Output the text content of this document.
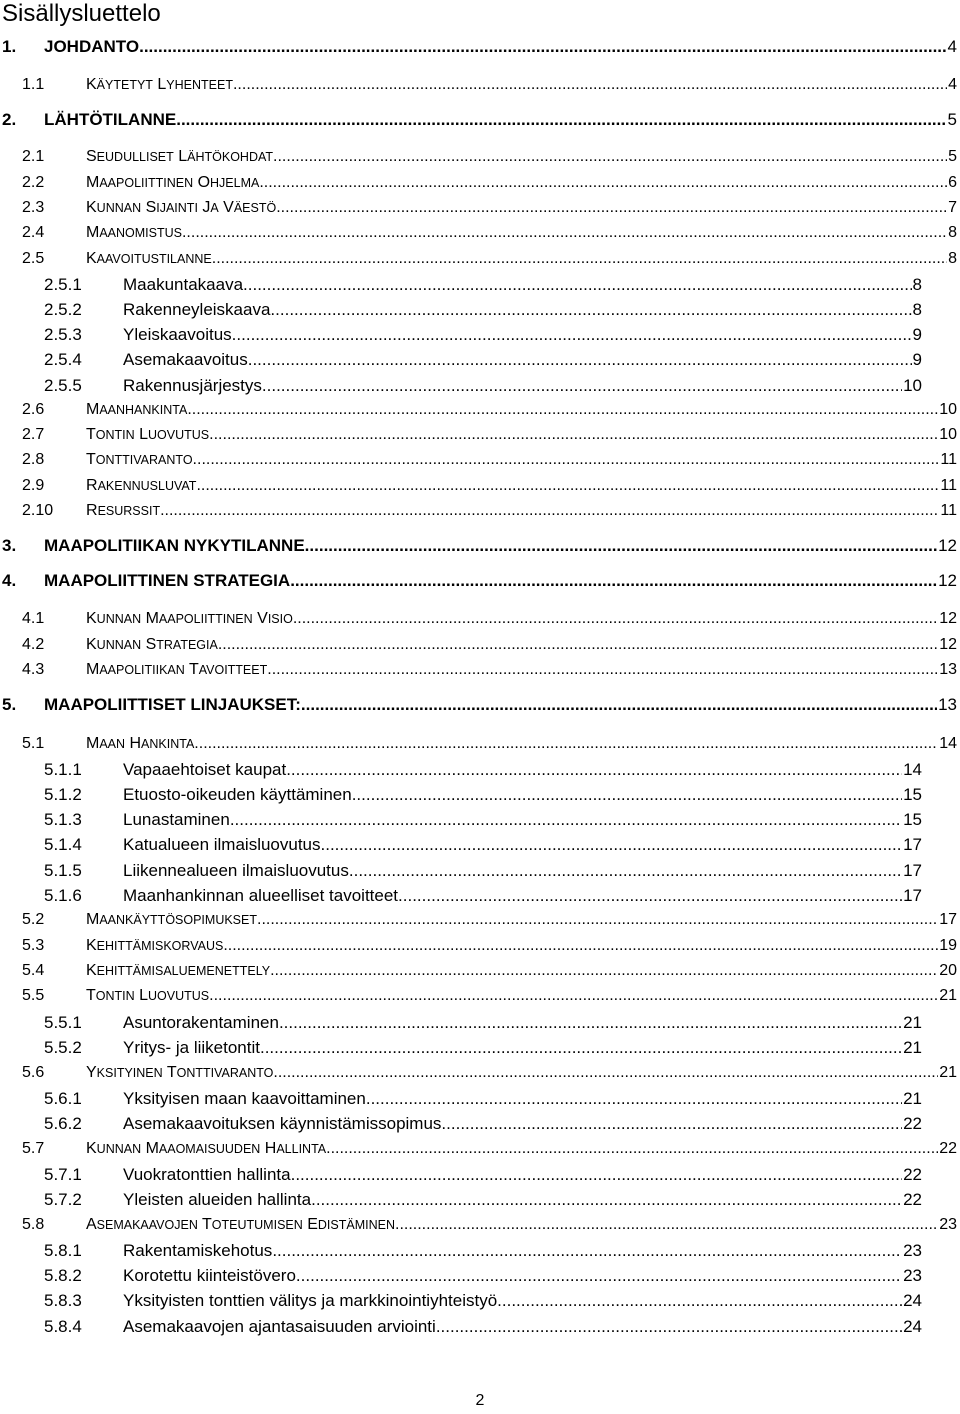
Sisällysluettelo
1.	JOHDANTO .....	4
1.1	KÄYTETYT LYHENTEET .....	4
2.	LÄHTÖTILANNE .....	5
2.1	SEUDULLISET LÄHTÖKOHDAT .....	5
2.2	MAAPOLIITTINEN OHJELMA .....	6
2.3	KUNNAN SIJAINTI JA VÄESTÖ .....	7
2.4	MAANOMISTUS .....	8
2.5	KAAVOITUSTILANNE .....	8
2.5.1	Maakuntakaava .....	8
2.5.2	Rakenneyleiskaava .....	8
2.5.3	Yleiskaavoitus .....	9
2.5.4	Asemakaavoitus .....	9
2.5.5	Rakennusjärjestys .....	10
2.6	MAANHANKINTA .....	10
2.7	TONTIN LUOVUTUS .....	10
2.8	TONTTIVARANTO .....	11
2.9	RAKENNUSLUVAT .....	11
2.10	RESURSSIT .....	11
3.	MAAPOLITIIKAN NYKYTILANNE .....	12
4.	MAAPOLIITTINEN STRATEGIA .....	12
4.1	KUNNAN MAAPOLIITTINEN VISIO .....	12
4.2	KUNNAN STRATEGIA .....	12
4.3	MAAPOLITIIKAN TAVOITTEET .....	13
5.	MAAPOLIITTISET LINJAUKSET: .....	13
5.1	MAAN HANKINTA .....	14
5.1.1	Vapaaehtoiset kaupat .....	14
5.1.2	Etuosto-oikeuden käyttäminen .....	15
5.1.3	Lunastaminen .....	15
5.1.4	Katualueen ilmaisluovutus .....	17
5.1.5	Liikennealueen ilmaisluovutus .....	17
5.1.6	Maanhankinnan alueelliset tavoitteet .....	17
5.2	MAANKÄYTTÖSOPIMUKSET .....	17
5.3	KEHITTÄMISKORVAUS .....	19
5.4	KEHITTÄMISALUEMENETTELY .....	20
5.5	TONTIN LUOVUTUS .....	21
5.5.1	Asuntorakentaminen .....	21
5.5.2	Yritys- ja liiketontit .....	21
5.6	YKSITYINEN TONTTIVARANTO .....	21
5.6.1	Yksityisen maan kaavoittaminen .....	21
5.6.2	Asemakaavoituksen käynnistämissopimus .....	22
5.7	KUNNAN MAAOMAISUUDEN HALLINTA .....	22
5.7.1	Vuokratonttien hallinta .....	22
5.7.2	Yleisten alueiden hallinta .....	22
5.8	ASEMAKAAVOJEN TOTEUTUMISEN EDISTÄMINEN .....	23
5.8.1	Rakentamiskehotus .....	23
5.8.2	Korotettu kiinteistövero .....	23
5.8.3	Yksityisten tonttien välitys ja markkinointiyhteistyö .....	24
5.8.4	Asemakaavojen ajantasaisuuden arviointi .....	24
2
